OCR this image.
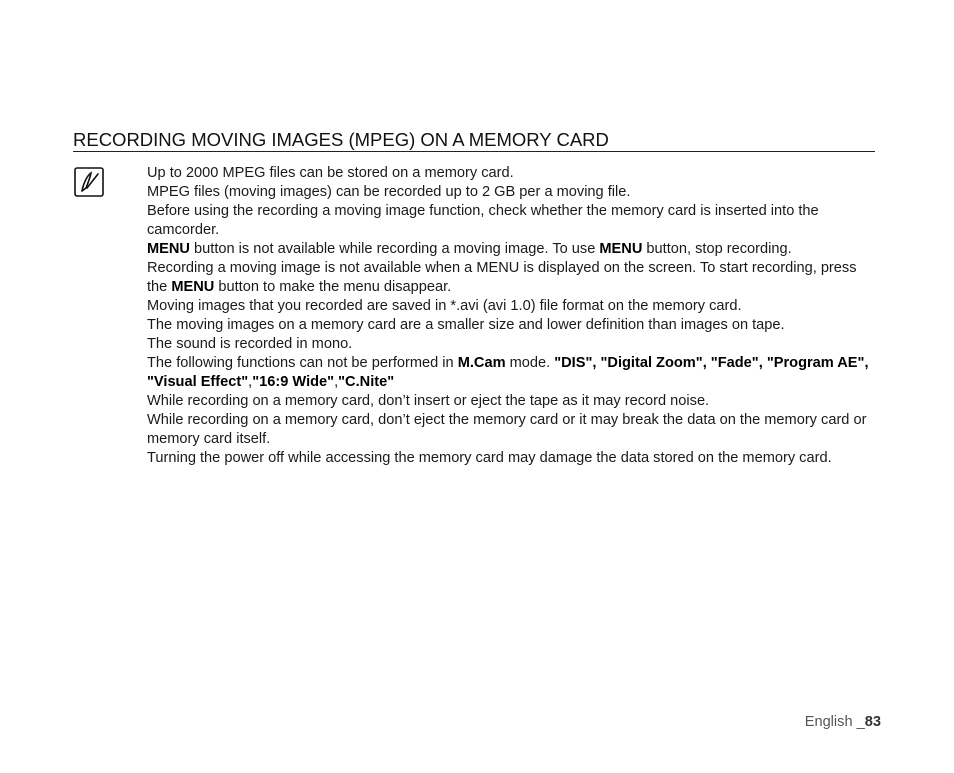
RECORDING MOVING IMAGES (MPEG) ON A MEMORY CARD

Up to 2000 MPEG files can be stored on a memory card.

MPEG files (moving images) can be recorded up to 2 GB per a moving file.

Before using the recording a moving image function, check whether the memory card is inserted into the camcorder.

MENU button is not available while recording a moving image. To use MENU button, stop recording.

Recording a moving image is not available when a MENU is displayed on the screen. To start recording, press the MENU button to make the menu disappear.

Moving images that you recorded are saved in *.avi (avi 1.0) file format on the memory card.

The moving images on a memory card are a smaller size and lower definition than images on tape.

The sound is recorded in mono.

The following functions can not be performed in M.Cam mode. "DIS", "Digital Zoom", "Fade", "Program AE", "Visual Effect","16:9 Wide","C.Nite"

While recording on a memory card, don’t insert or eject the tape as it may record noise.

While recording on a memory card, don’t eject the memory card or it may break the data on the memory card or memory card itself.

Turning the power off while accessing the memory card may damage the data stored on the memory card.

English _83
